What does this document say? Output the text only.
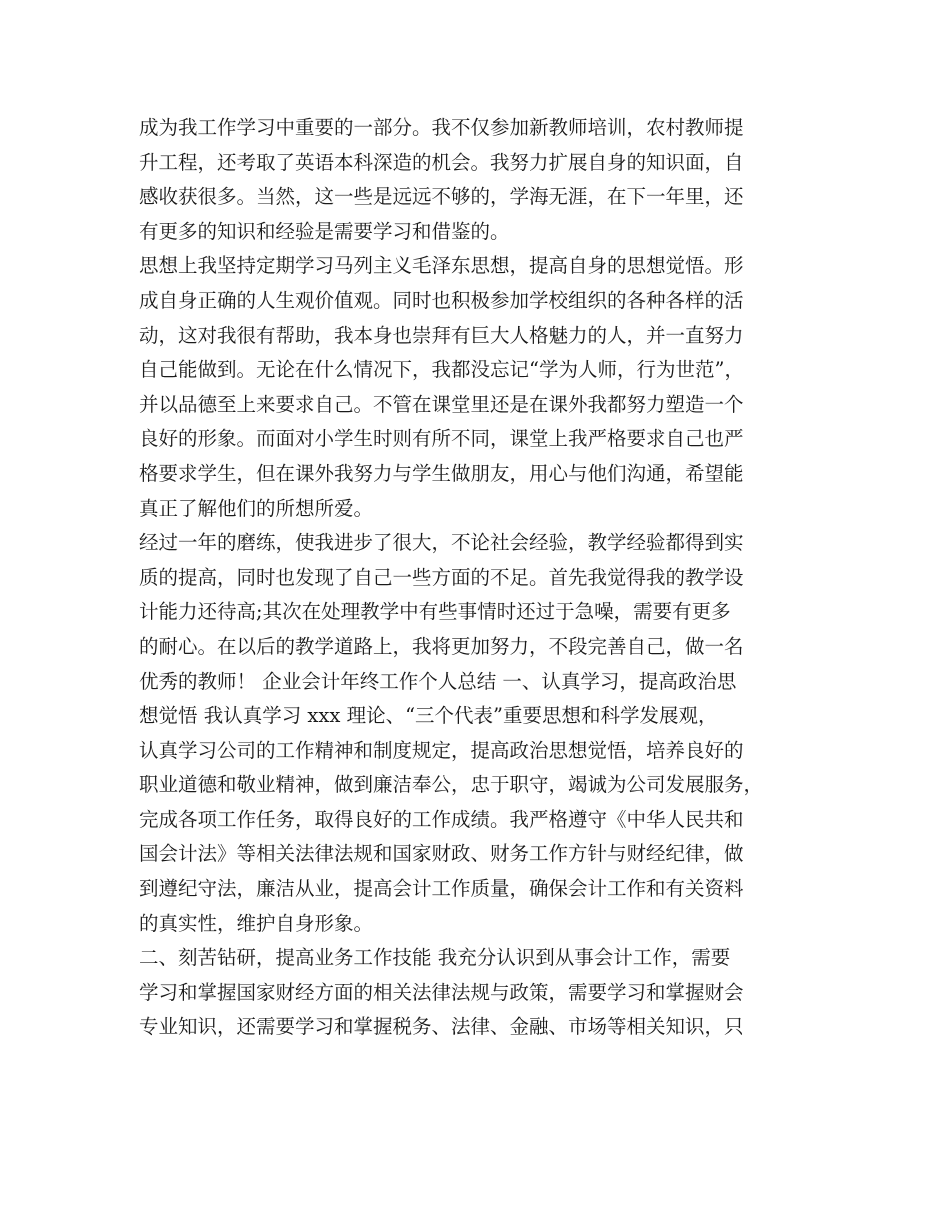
成为我工作学习中重要的一部分。我不仅参加新教师培训，农村教师提
升工程，还考取了英语本科深造的机会。我努力扩展自身的知识面，自
感收获很多。当然，这一些是远远不够的，学海无涯，在下一年里，还
有更多的知识和经验是需要学习和借鉴的。
思想上我坚持定期学习马列主义毛泽东思想，提高自身的思想觉悟。形
成自身正确的人生观价值观。同时也积极参加学校组织的各种各样的活
动，这对我很有帮助，我本身也崇拜有巨大人格魅力的人，并一直努力
自己能做到。无论在什么情况下，我都没忘记“学为人师，行为世范”，
并以品德至上来要求自己。不管在课堂里还是在课外我都努力塑造一个
良好的形象。而面对小学生时则有所不同，课堂上我严格要求自己也严
格要求学生，但在课外我努力与学生做朋友，用心与他们沟通，希望能
真正了解他们的所想所爱。
经过一年的磨练，使我进步了很大，不论社会经验，教学经验都得到实
质的提高，同时也发现了自己一些方面的不足。首先我觉得我的教学设
计能力还待高;其次在处理教学中有些事情时还过于急噪，需要有更多
的耐心。在以后的教学道路上，我将更加努力，不段完善自己，做一名
优秀的教师！ 企业会计年终工作个人总结 一、认真学习，提高政治思
想觉悟 我认真学习 xxx 理论、“三个代表”重要思想和科学发展观，
认真学习公司的工作精神和制度规定，提高政治思想觉悟，培养良好的
职业道德和敬业精神，做到廉洁奉公，忠于职守，竭诚为公司发展服务，
完成各项工作任务，取得良好的工作成绩。我严格遵守《中华人民共和
国会计法》等相关法律法规和国家财政、财务工作方针与财经纪律，做
到遵纪守法，廉洁从业，提高会计工作质量，确保会计工作和有关资料
的真实性，维护自身形象。
二、刻苦钻研，提高业务工作技能 我充分认识到从事会计工作，需要
学习和掌握国家财经方面的相关法律法规与政策，需要学习和掌握财会
专业知识，还需要学习和掌握税务、法律、金融、市场等相关知识，只
